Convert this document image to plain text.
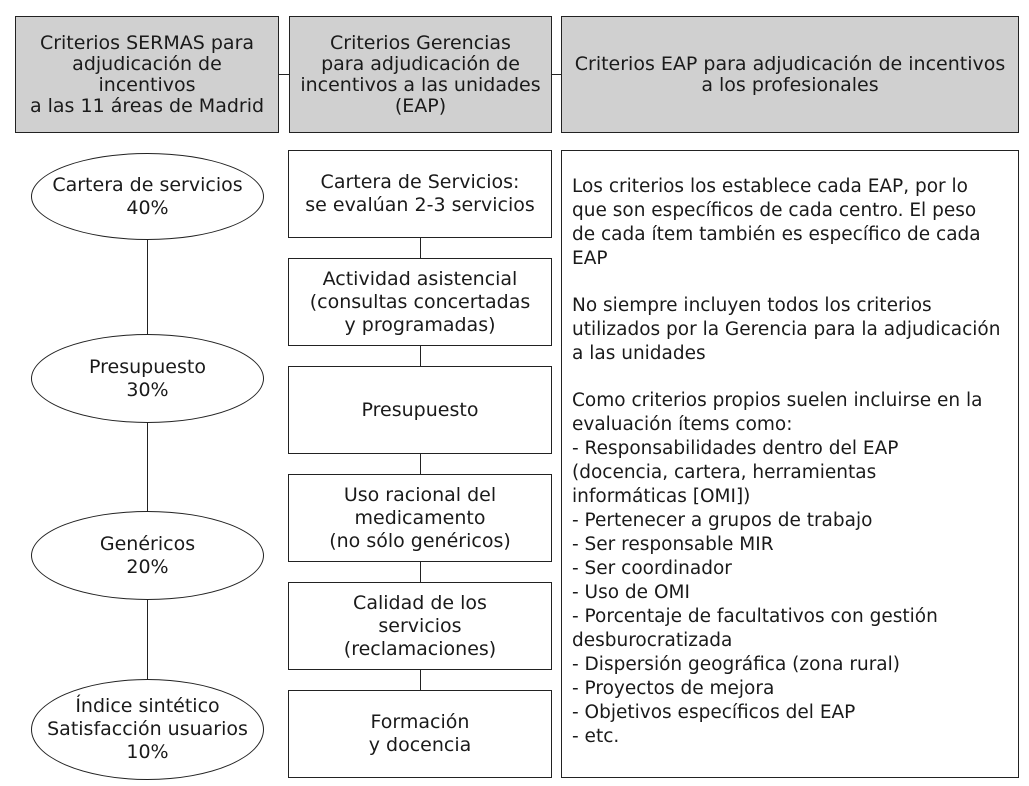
Criterios SERMAS para
adjudicación de incentivos
a las 11 áreas de Madrid
Criterios Gerencias
para adjudicación de
incentivos a las unidades
(EAP)
Criterios EAP para adjudicación de incentivos
a los profesionales
Cartera de servicios
40%
Presupuesto
30%
Genéricos
20%
Índice sintético
Satisfacción usuarios
10%
Cartera de Servicios:
se evalúan 2-3 servicios
Actividad asistencial
(consultas concertadas
y programadas)
Presupuesto
Uso racional del
medicamento
(no sólo genéricos)
Calidad de los
servicios
(reclamaciones)
Formación
y docencia

Los criterios los establece cada EAP, por lo
que son específicos de cada centro. El peso
de cada ítem también es específico de cada
EAP

No siempre incluyen todos los criterios
utilizados por la Gerencia para la adjudicación
a las unidades

Como criterios propios suelen incluirse en la
evaluación ítems como:

- Responsabilidades dentro del EAP
(docencia, cartera, herramientas
informáticas [OMI])
- Pertenecer a grupos de trabajo
- Ser responsable MIR
- Ser coordinador
- Uso de OMI
- Porcentaje de facultativos con gestión
desburocratizada
- Dispersión geográfica (zona rural)
- Proyectos de mejora
- Objetivos específicos del EAP
- etc.
